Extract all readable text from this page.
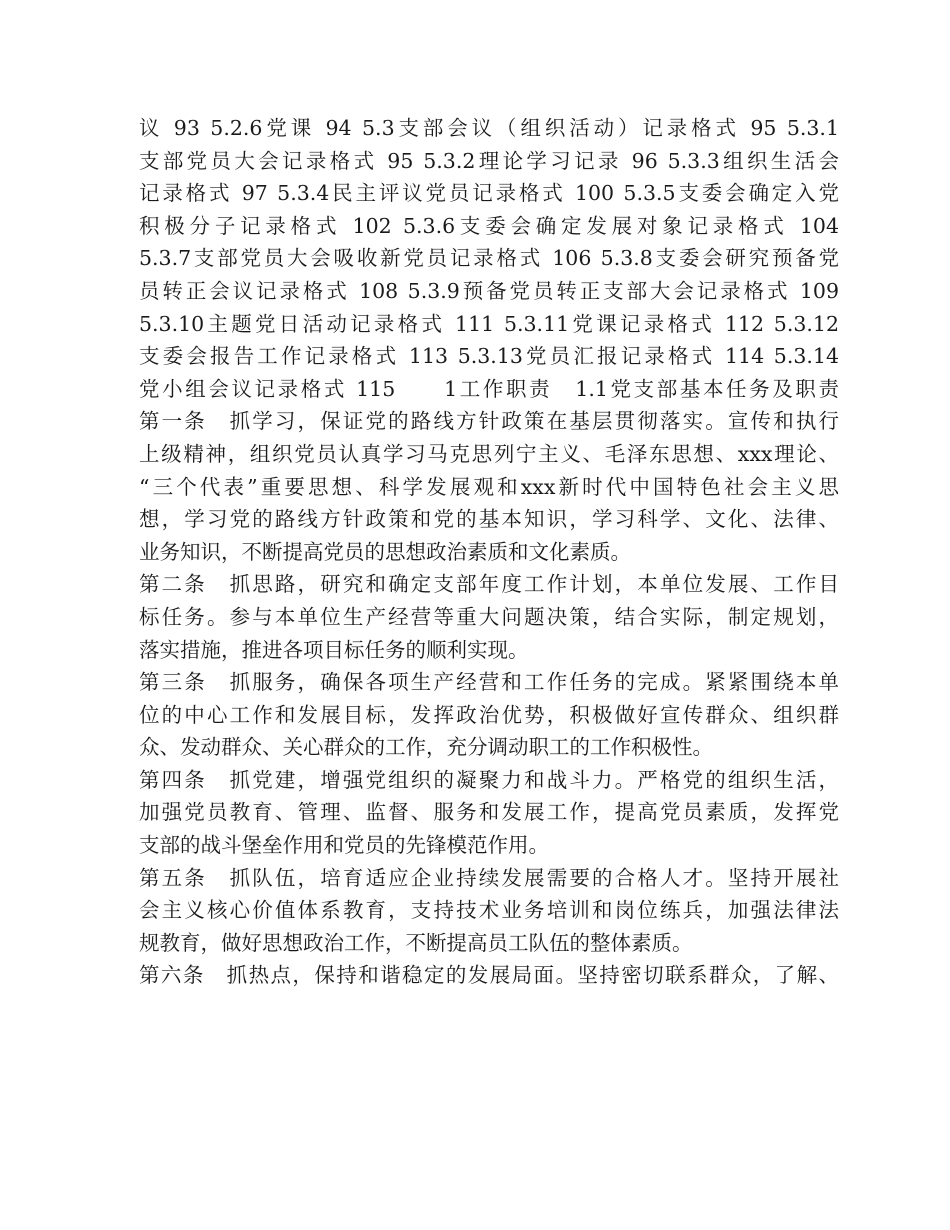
议 93 5.2.6党课 94 5.3支部会议（组织活动）记录格式 95 5.3.1
支部党员大会记录格式 95 5.3.2理论学习记录 96 5.3.3组织生活会
记录格式 97 5.3.4民主评议党员记录格式 100 5.3.5支委会确定入党
积极分子记录格式 102 5.3.6支委会确定发展对象记录格式 104
5.3.7支部党员大会吸收新党员记录格式 106 5.3.8支委会研究预备党
员转正会议记录格式 108 5.3.9预备党员转正支部大会记录格式 109
5.3.10主题党日活动记录格式 111 5.3.11党课记录格式 112 5.3.12
支委会报告工作记录格式 113 5.3.13党员汇报记录格式 114 5.3.14
党小组会议记录格式 115　　1工作职责　1.1党支部基本任务及职责
第一条　抓学习，保证党的路线方针政策在基层贯彻落实。宣传和执行
上级精神，组织党员认真学习马克思列宁主义、毛泽东思想、xxx理论、
“三个代表”重要思想、科学发展观和xxx新时代中国特色社会主义思
想，学习党的路线方针政策和党的基本知识，学习科学、文化、法律、
业务知识，不断提高党员的思想政治素质和文化素质。
第二条　抓思路，研究和确定支部年度工作计划，本单位发展、工作目
标任务。参与本单位生产经营等重大问题决策，结合实际，制定规划，
落实措施，推进各项目标任务的顺利实现。
第三条　抓服务，确保各项生产经营和工作任务的完成。紧紧围绕本单
位的中心工作和发展目标，发挥政治优势，积极做好宣传群众、组织群
众、发动群众、关心群众的工作，充分调动职工的工作积极性。
第四条　抓党建，增强党组织的凝聚力和战斗力。严格党的组织生活，
加强党员教育、管理、监督、服务和发展工作，提高党员素质，发挥党
支部的战斗堡垒作用和党员的先锋模范作用。
第五条　抓队伍，培育适应企业持续发展需要的合格人才。坚持开展社
会主义核心价值体系教育，支持技术业务培训和岗位练兵，加强法律法
规教育，做好思想政治工作，不断提高员工队伍的整体素质。
第六条　抓热点，保持和谐稳定的发展局面。坚持密切联系群众，了解、
